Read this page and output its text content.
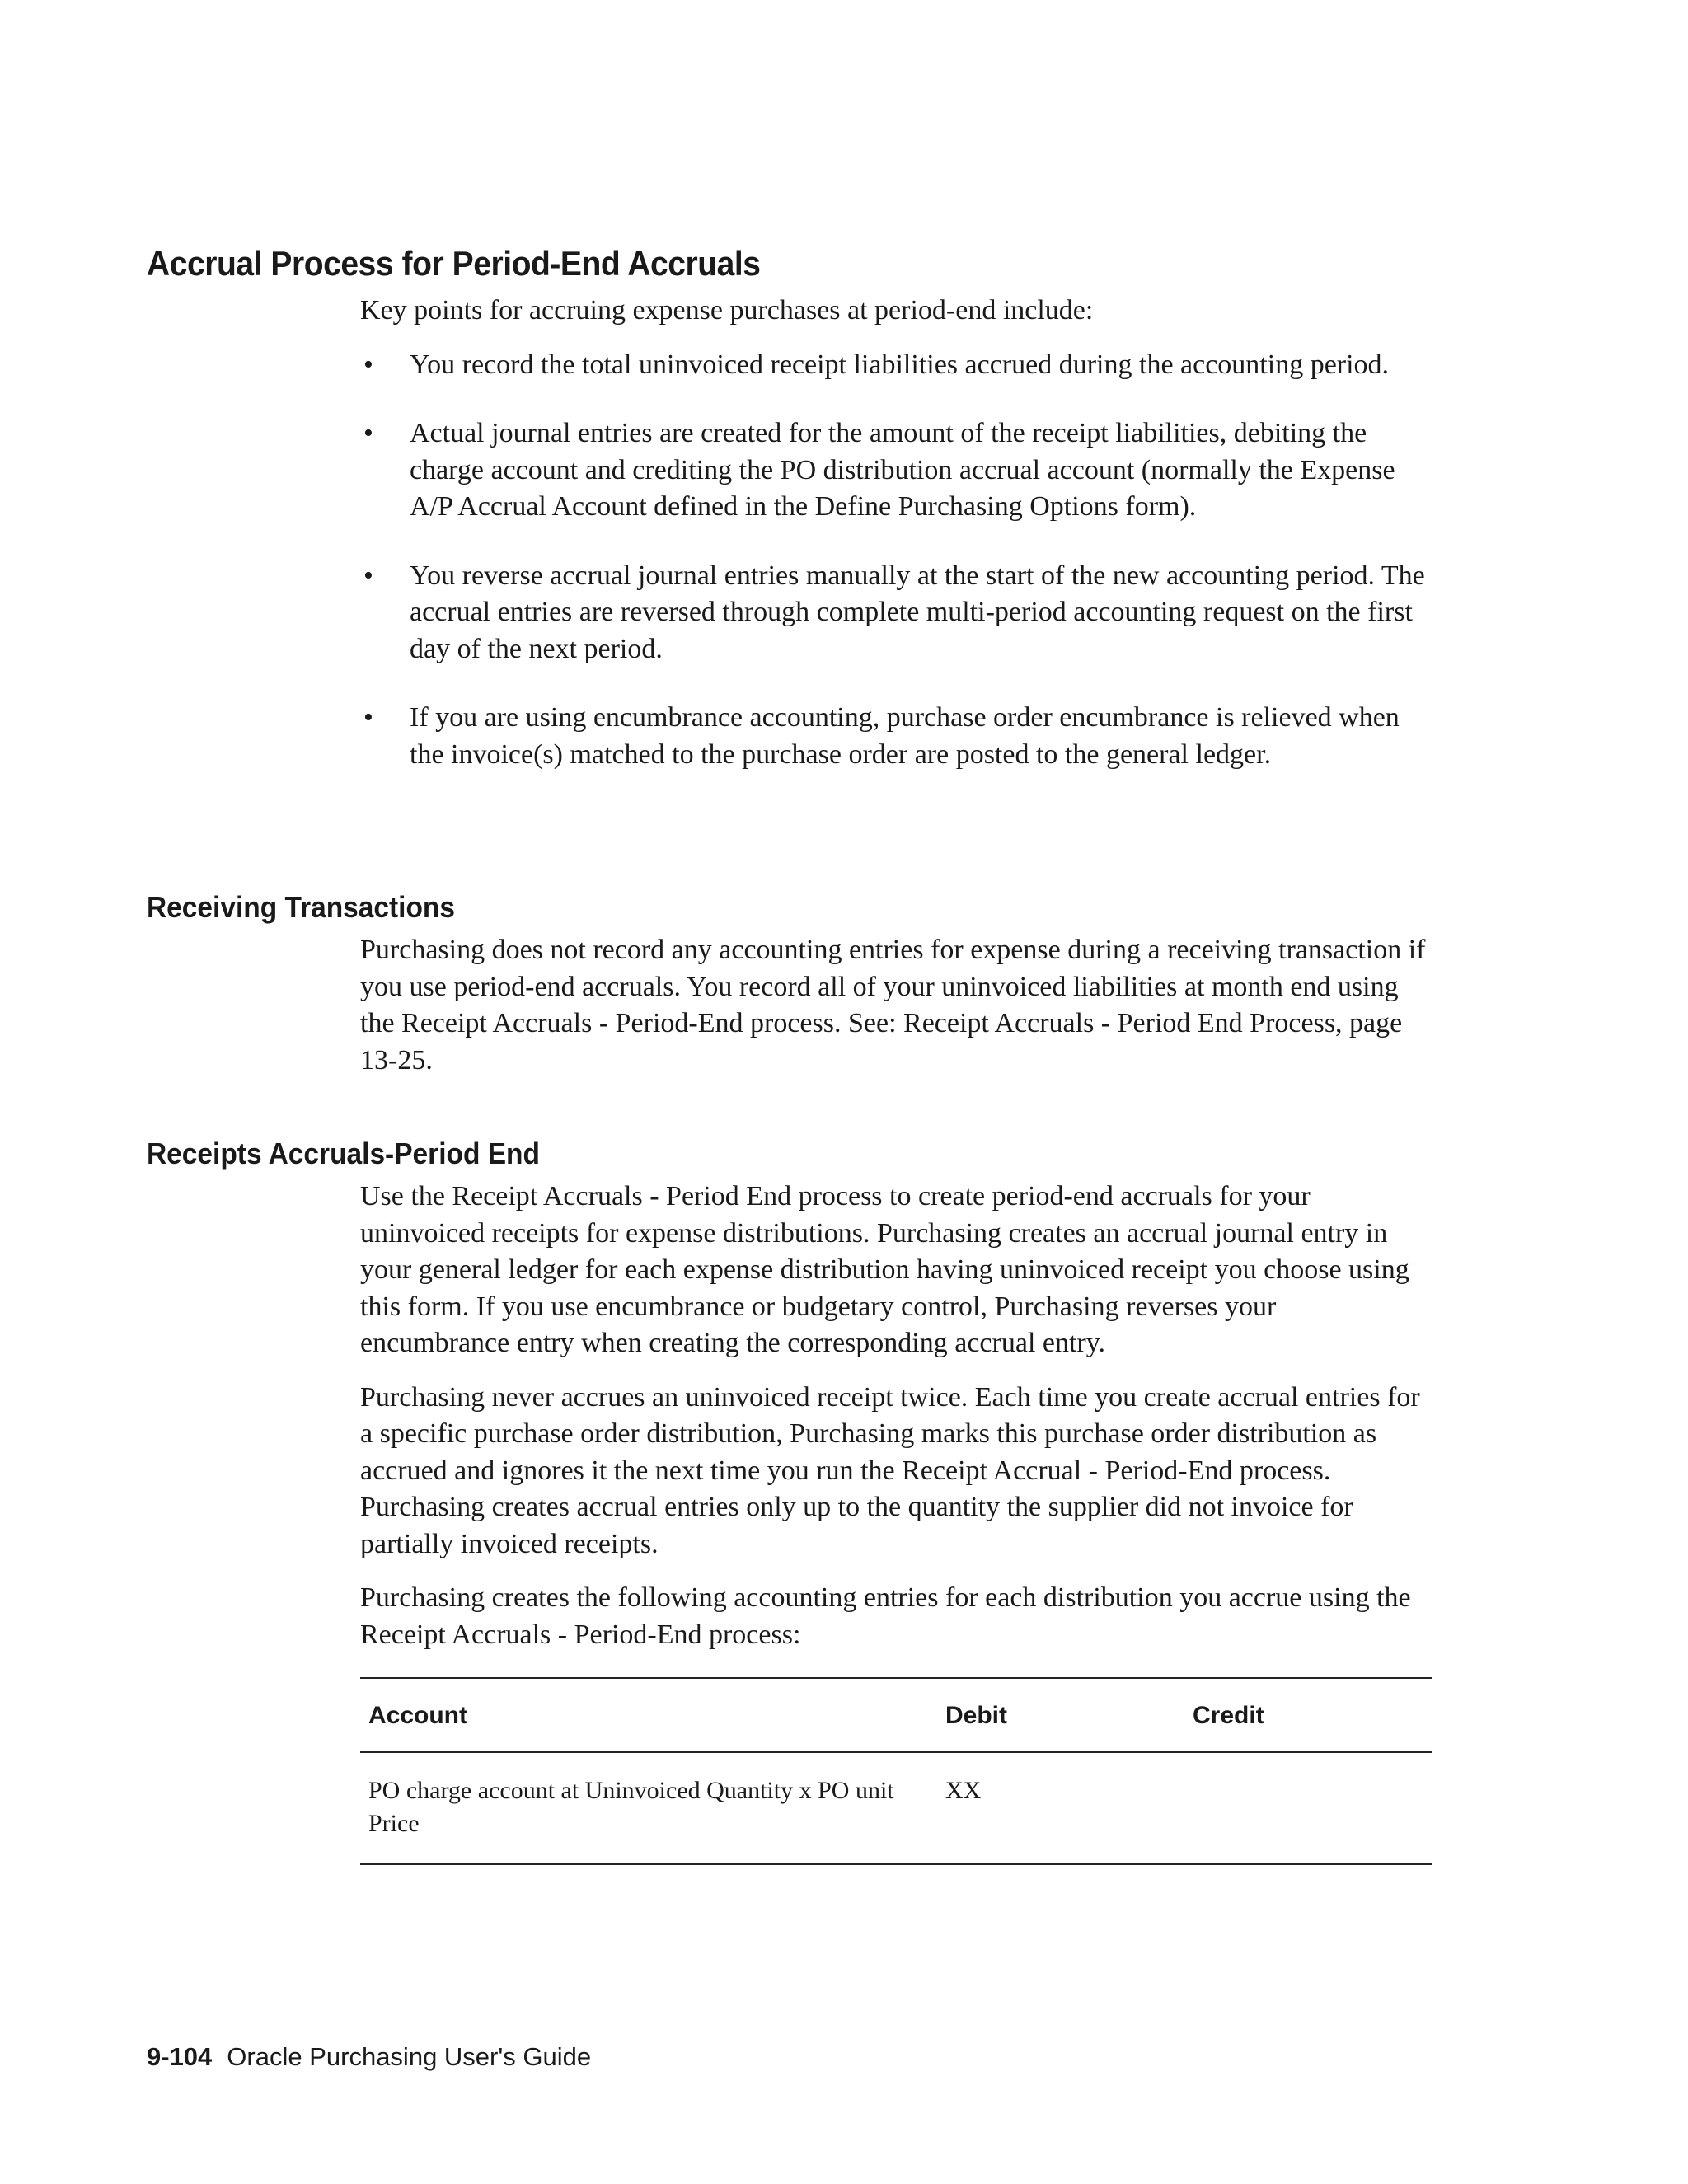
Accrual Process for Period-End Accruals

Key points for accruing expense purchases at period-end include:

• You record the total uninvoiced receipt liabilities accrued during the accounting period.
• Actual journal entries are created for the amount of the receipt liabilities, debiting the charge account and crediting the PO distribution accrual account (normally the Expense A/P Accrual Account defined in the Define Purchasing Options form).
• You reverse accrual journal entries manually at the start of the new accounting period. The accrual entries are reversed through complete multi-period accounting request on the first day of the next period.
• If you are using encumbrance accounting, purchase order encumbrance is relieved when the invoice(s) matched to the purchase order are posted to the general ledger.
Receiving Transactions

Purchasing does not record any accounting entries for expense during a receiving transaction if you use period-end accruals. You record all of your uninvoiced liabilities at month end using the Receipt Accruals - Period-End process. See: Receipt Accruals - Period End Process, page 13-25.

Receipts Accruals-Period End

Use the Receipt Accruals - Period End process to create period-end accruals for your uninvoiced receipts for expense distributions. Purchasing creates an accrual journal entry in your general ledger for each expense distribution having uninvoiced receipt you choose using this form. If you use encumbrance or budgetary control, Purchasing reverses your encumbrance entry when creating the corresponding accrual entry.

Purchasing never accrues an uninvoiced receipt twice. Each time you create accrual entries for a specific purchase order distribution, Purchasing marks this purchase order distribution as accrued and ignores it the next time you run the Receipt Accrual - Period-End process. Purchasing creates accrual entries only up to the quantity the supplier did not invoice for partially invoiced receipts.

Purchasing creates the following accounting entries for each distribution you accrue using the Receipt Accruals - Period-End process:

Account	Debit	Credit
PO charge account at Uninvoiced Quantity x PO unit Price	XX	
9-104 Oracle Purchasing User's Guide
